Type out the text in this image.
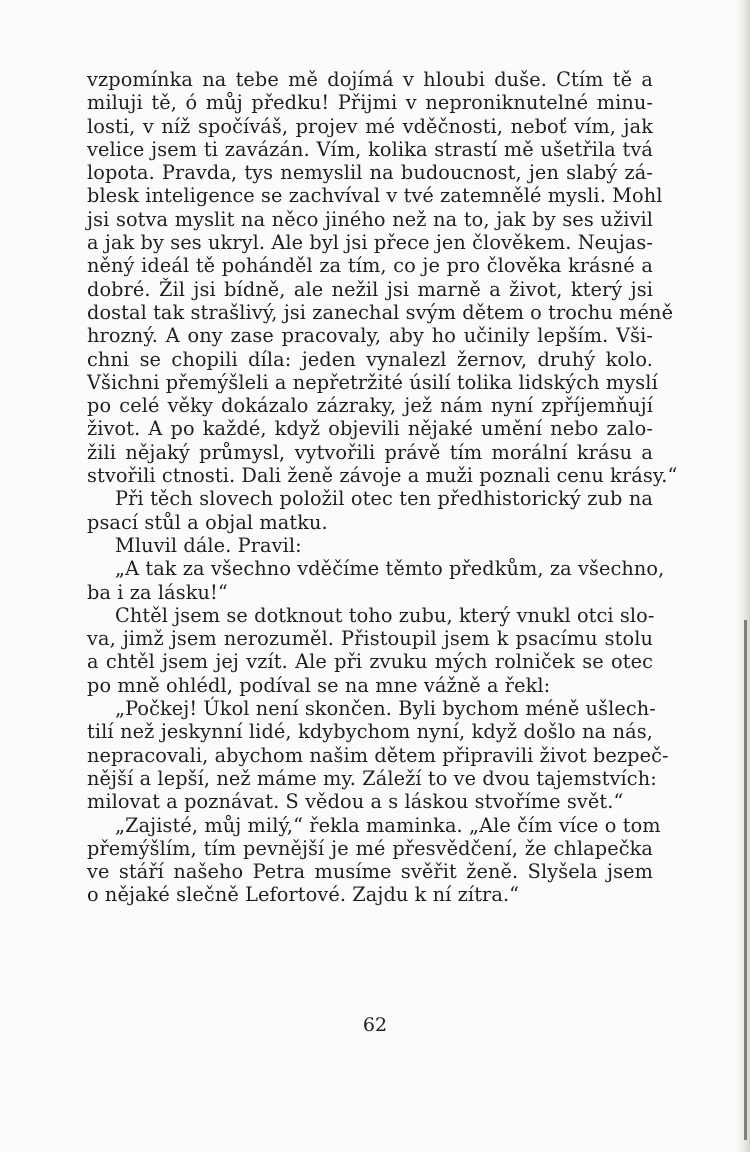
vzpomínka na tebe mě dojímá v hloubi duše. Ctím tě a
miluji tě, ó můj předku! Přijmi v neproniknutelné minu-
losti, v níž spočíváš, projev mé vděčnosti, neboť vím, jak
velice jsem ti zavázán. Vím, kolika strastí mě ušetřila tvá
lopota. Pravda, tys nemyslil na budoucnost, jen slabý zá-
blesk inteligence se zachvíval v tvé zatemnělé mysli. Mohl
jsi sotva myslit na něco jiného než na to, jak by ses uživil
a jak by ses ukryl. Ale byl jsi přece jen člověkem. Neujas-
něný ideál tě pohánděl za tím, co je pro člověka krásné a
dobré. Žil jsi bídně, ale nežil jsi marně a život, který jsi
dostal tak strašlivý, jsi zanechal svým dětem o trochu méně
hrozný. A ony zase pracovaly, aby ho učinily lepším. Vši-
chni se chopili díla: jeden vynalezl žernov, druhý kolo.
Všichni přemýšleli a nepřetržité úsilí tolika lidských myslí
po celé věky dokázalo zázraky, jež nám nyní zpříjemňují
život. A po každé, když objevili nějaké umění nebo zalo-
žili nějaký průmysl, vytvořili právě tím morální krásu a
stvořili ctnosti. Dali ženě závoje a muži poznali cenu krásy.“
Při těch slovech položil otec ten předhistorický zub na
psací stůl a objal matku.
Mluvil dále. Pravil:
„A tak za všechno vděčíme těmto předkům, za všechno,
ba i za lásku!“
Chtěl jsem se dotknout toho zubu, který vnukl otci slo-
va, jimž jsem nerozuměl. Přistoupil jsem k psacímu stolu
a chtěl jsem jej vzít. Ale při zvuku mých rolniček se otec
po mně ohlédl, podíval se na mne vážně a řekl:
„Počkej! Úkol není skončen. Byli bychom méně ušlech-
tilí než jeskynní lidé, kdybychom nyní, když došlo na nás,
nepracovali, abychom našim dětem připravili život bezpeč-
nější a lepší, než máme my. Záleží to ve dvou tajemstvích:
milovat a poznávat. S vědou a s láskou stvoříme svět.“
„Zajisté, můj milý,“ řekla maminka. „Ale čím více o tom
přemýšlím, tím pevnější je mé přesvědčení, že chlapečka
ve stáří našeho Petra musíme svěřit ženě. Slyšela jsem
o nějaké slečně Lefortové. Zajdu k ní zítra.“
62
